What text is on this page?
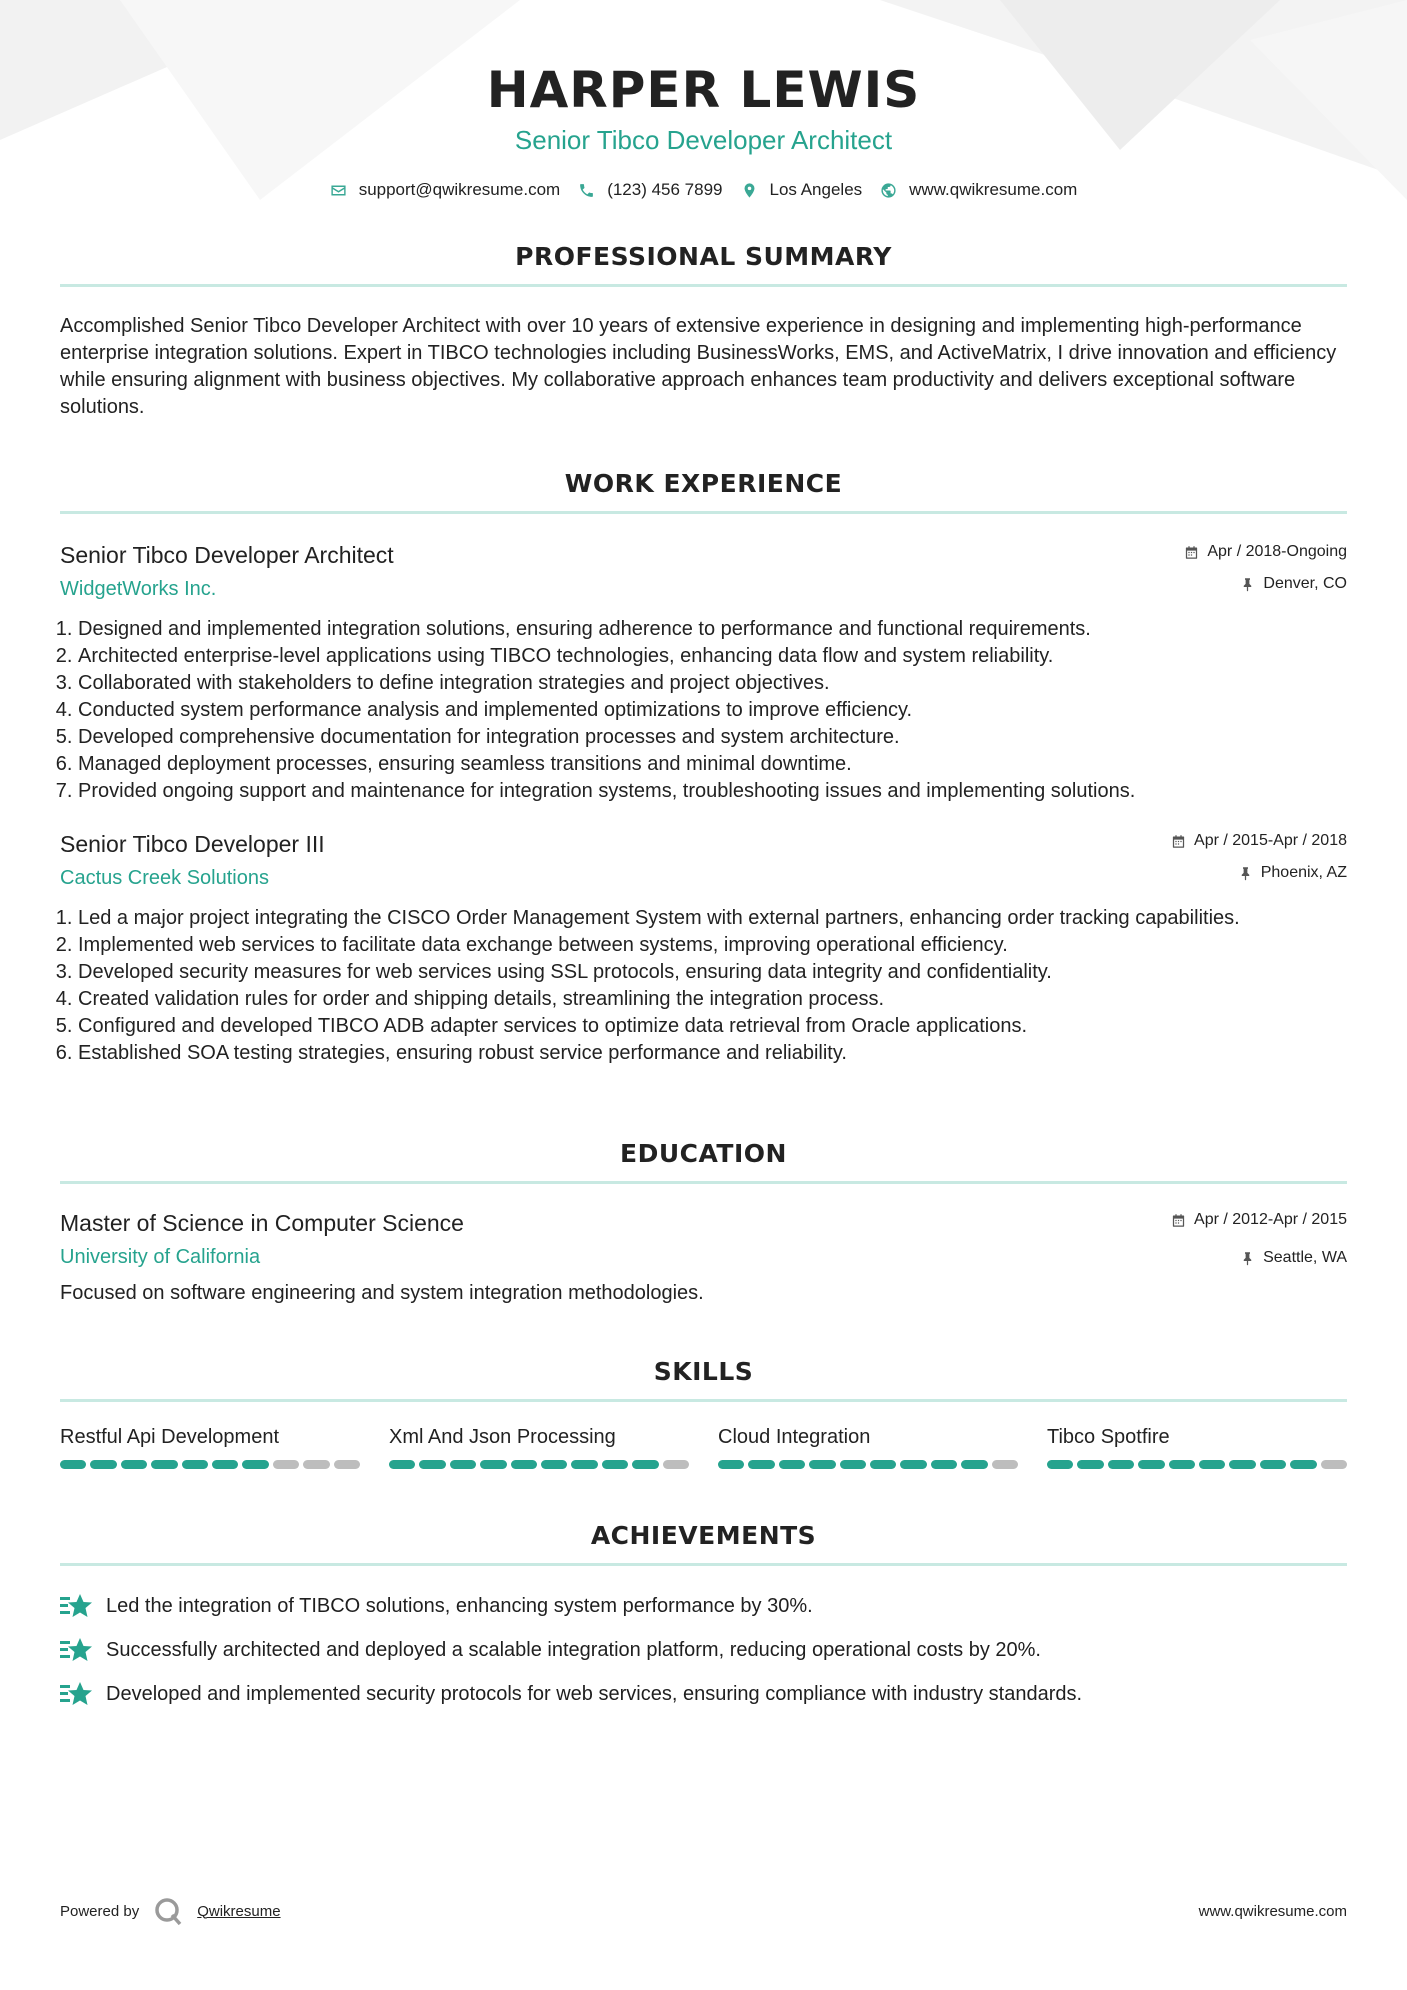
HARPER LEWIS
Senior Tibco Developer Architect
support@qwikresume.com	(123) 456 7899	Los Angeles	www.qwikresume.com
PROFESSIONAL SUMMARY

Accomplished Senior Tibco Developer Architect with over 10 years of extensive experience in designing and implementing high-performance enterprise integration solutions. Expert in TIBCO technologies including BusinessWorks, EMS, and ActiveMatrix, I drive innovation and efficiency while ensuring alignment with business objectives. My collaborative approach enhances team productivity and delivers exceptional software solutions.

WORK EXPERIENCE
Senior Tibco Developer Architect
WidgetWorks Inc.
Apr / 2018-Ongoing
Denver, CO
1. Designed and implemented integration solutions, ensuring adherence to performance and functional requirements.
2. Architected enterprise-level applications using TIBCO technologies, enhancing data flow and system reliability.
3. Collaborated with stakeholders to define integration strategies and project objectives.
4. Conducted system performance analysis and implemented optimizations to improve efficiency.
5. Developed comprehensive documentation for integration processes and system architecture.
6. Managed deployment processes, ensuring seamless transitions and minimal downtime.
7. Provided ongoing support and maintenance for integration systems, troubleshooting issues and implementing solutions.
Senior Tibco Developer III
Cactus Creek Solutions
Apr / 2015-Apr / 2018
Phoenix, AZ
1. Led a major project integrating the CISCO Order Management System with external partners, enhancing order tracking capabilities.
2. Implemented web services to facilitate data exchange between systems, improving operational efficiency.
3. Developed security measures for web services using SSL protocols, ensuring data integrity and confidentiality.
4. Created validation rules for order and shipping details, streamlining the integration process.
5. Configured and developed TIBCO ADB adapter services to optimize data retrieval from Oracle applications.
6. Established SOA testing strategies, ensuring robust service performance and reliability.
EDUCATION
Master of Science in Computer Science
University of California
Apr / 2012-Apr / 2015
Seattle, WA

Focused on software engineering and system integration methodologies.

SKILLS
Restful Api Development	Xml And Json Processing	Cloud Integration	Tibco Spotfire
ACHIEVEMENTS
Led the integration of TIBCO solutions, enhancing system performance by 30%.
Successfully architected and deployed a scalable integration platform, reducing operational costs by 20%.
Developed and implemented security protocols for web services, ensuring compliance with industry standards.
Powered by	Qwikresume	www.qwikresume.com
